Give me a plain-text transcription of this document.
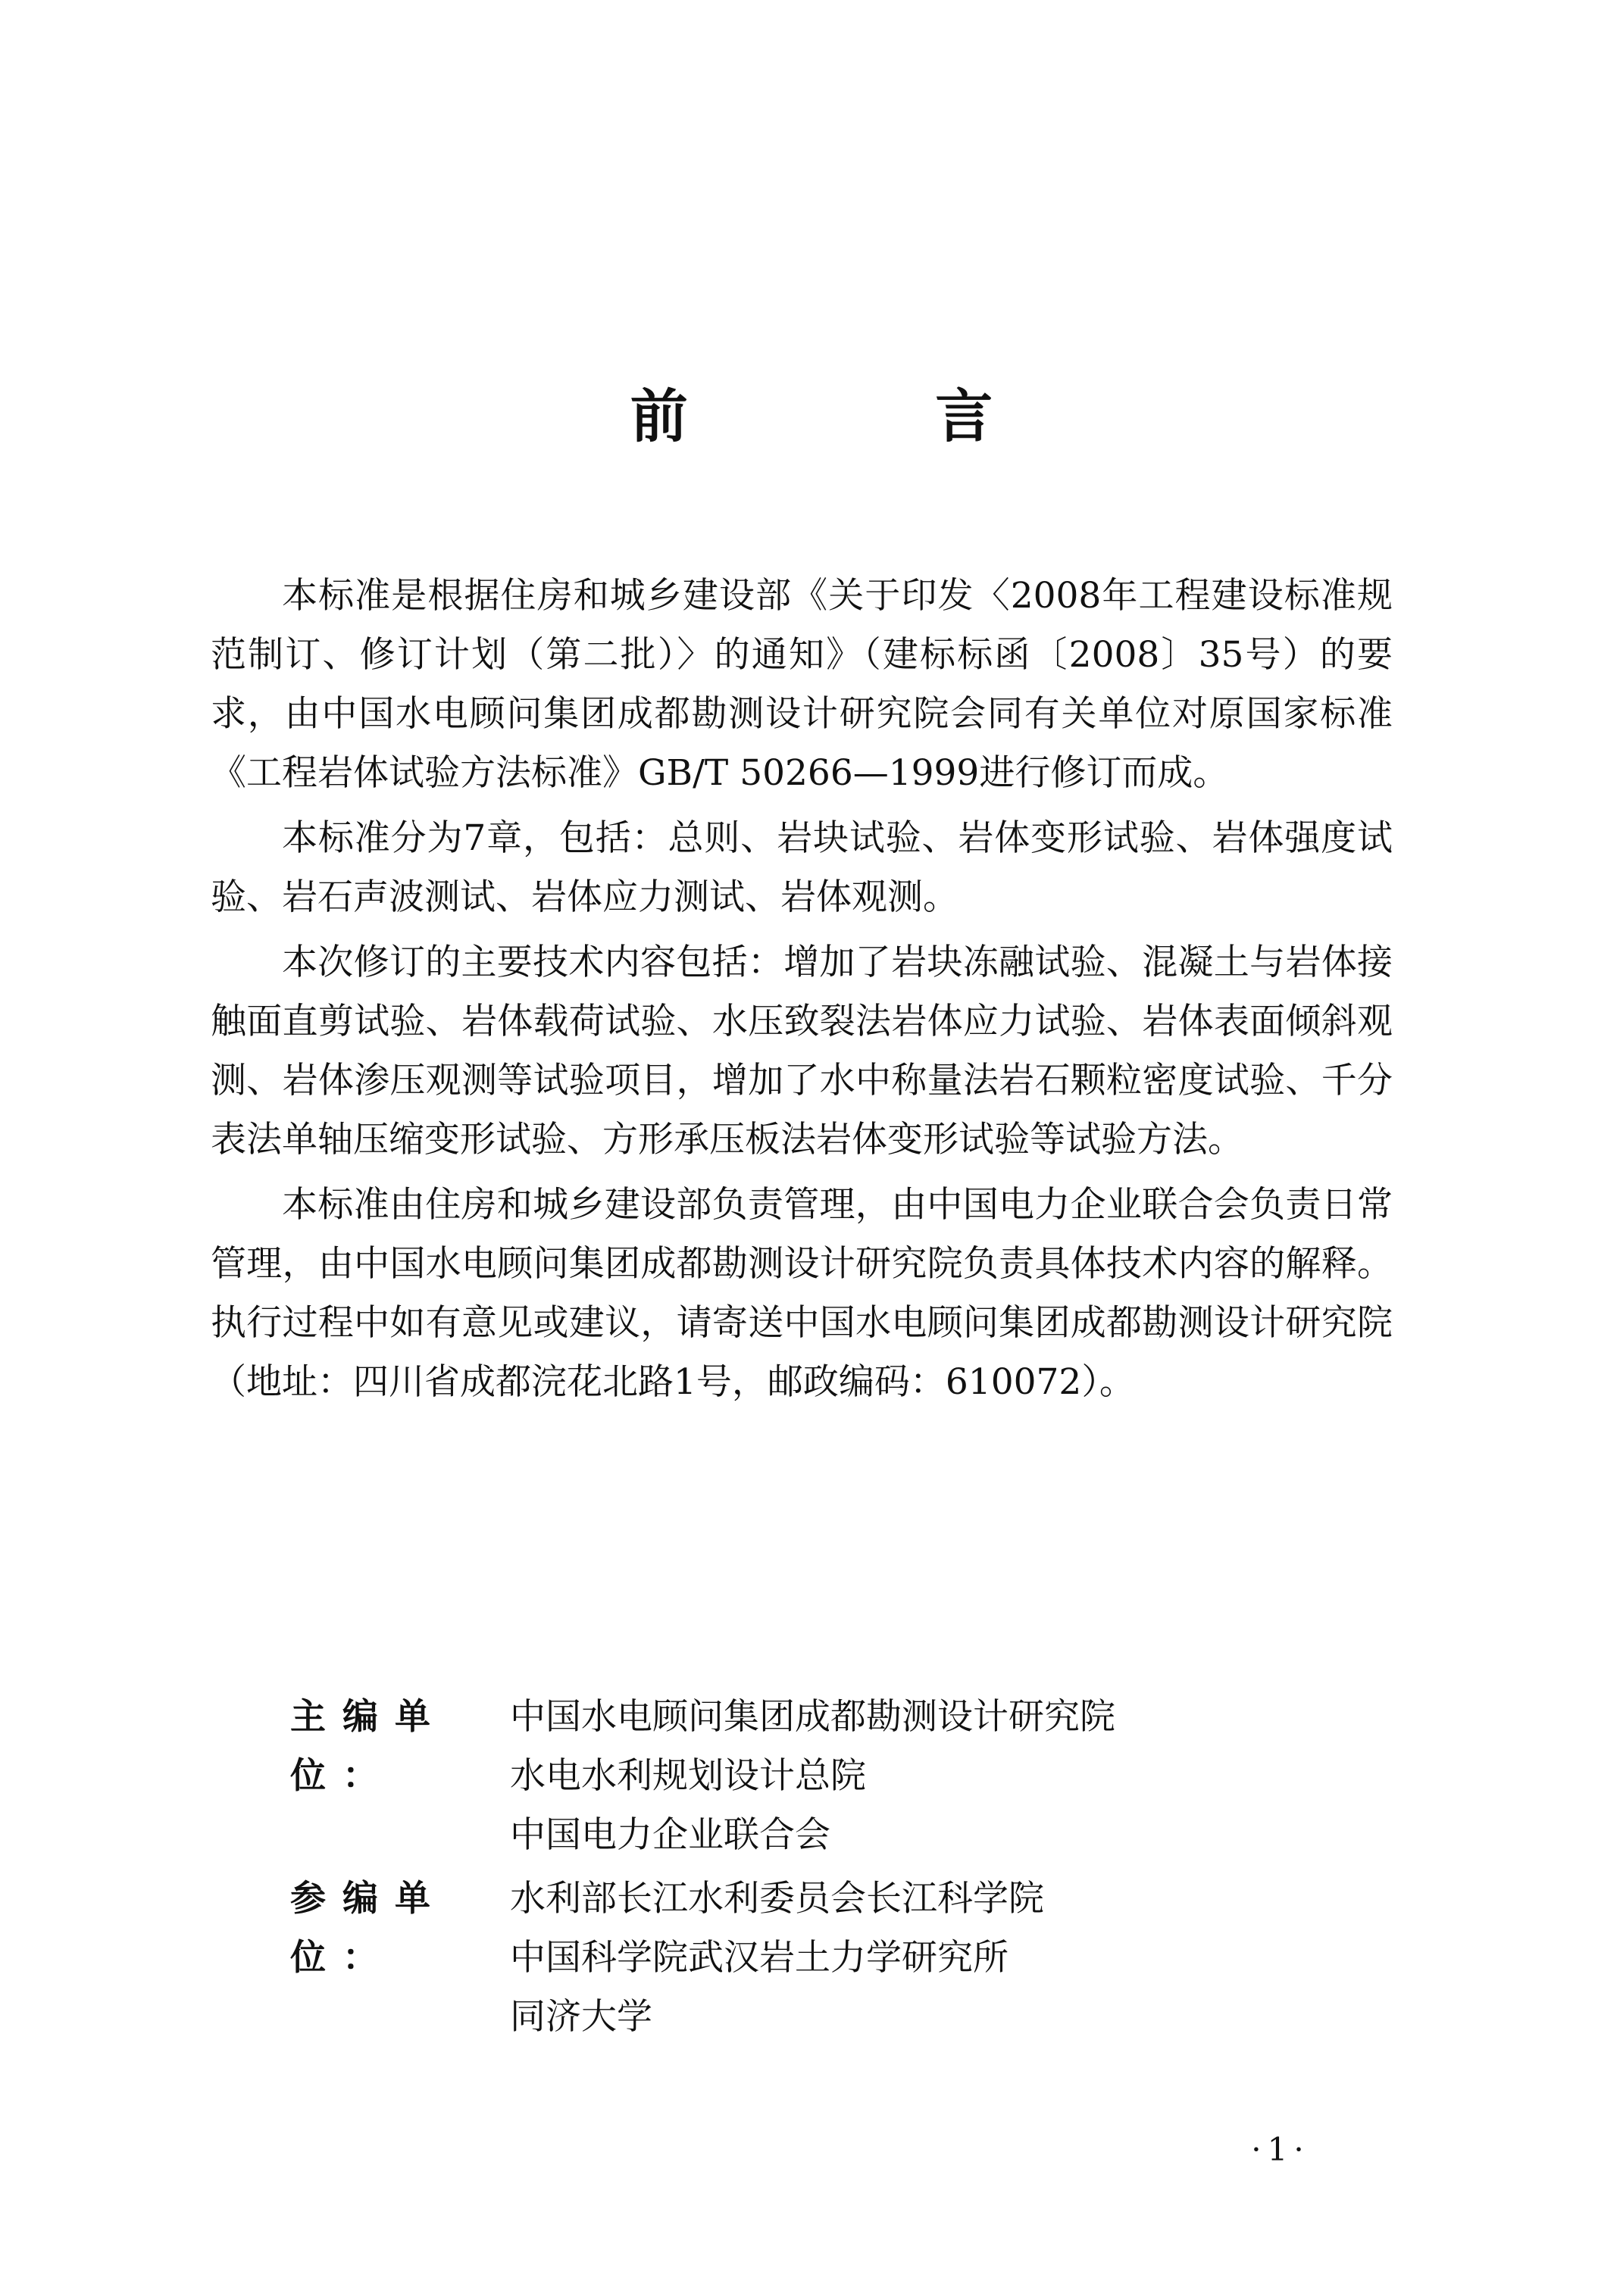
前 言

本标准是根据住房和城乡建设部《关于印发〈2008年工程建设标准规范制订、修订计划（第二批）〉的通知》（建标标函〔2008〕35号）的要求，由中国水电顾问集团成都勘测设计研究院会同有关单位对原国家标准《工程岩体试验方法标准》GB/T 50266—1999进行修订而成。

本标准分为7章，包括：总则、岩块试验、岩体变形试验、岩体强度试验、岩石声波测试、岩体应力测试、岩体观测。

本次修订的主要技术内容包括：增加了岩块冻融试验、混凝土与岩体接触面直剪试验、岩体载荷试验、水压致裂法岩体应力试验、岩体表面倾斜观测、岩体渗压观测等试验项目，增加了水中称量法岩石颗粒密度试验、千分表法单轴压缩变形试验、方形承压板法岩体变形试验等试验方法。

本标准由住房和城乡建设部负责管理，由中国电力企业联合会负责日常管理，由中国水电顾问集团成都勘测设计研究院负责具体技术内容的解释。执行过程中如有意见或建议，请寄送中国水电顾问集团成都勘测设计研究院（地址：四川省成都浣花北路1号，邮政编码：610072）。

主编单位：
中国水电顾问集团成都勘测设计研究院
水电水利规划设计总院
中国电力企业联合会
参编单位：
水利部长江水利委员会长江科学院
中国科学院武汉岩土力学研究所
同济大学
·1·
